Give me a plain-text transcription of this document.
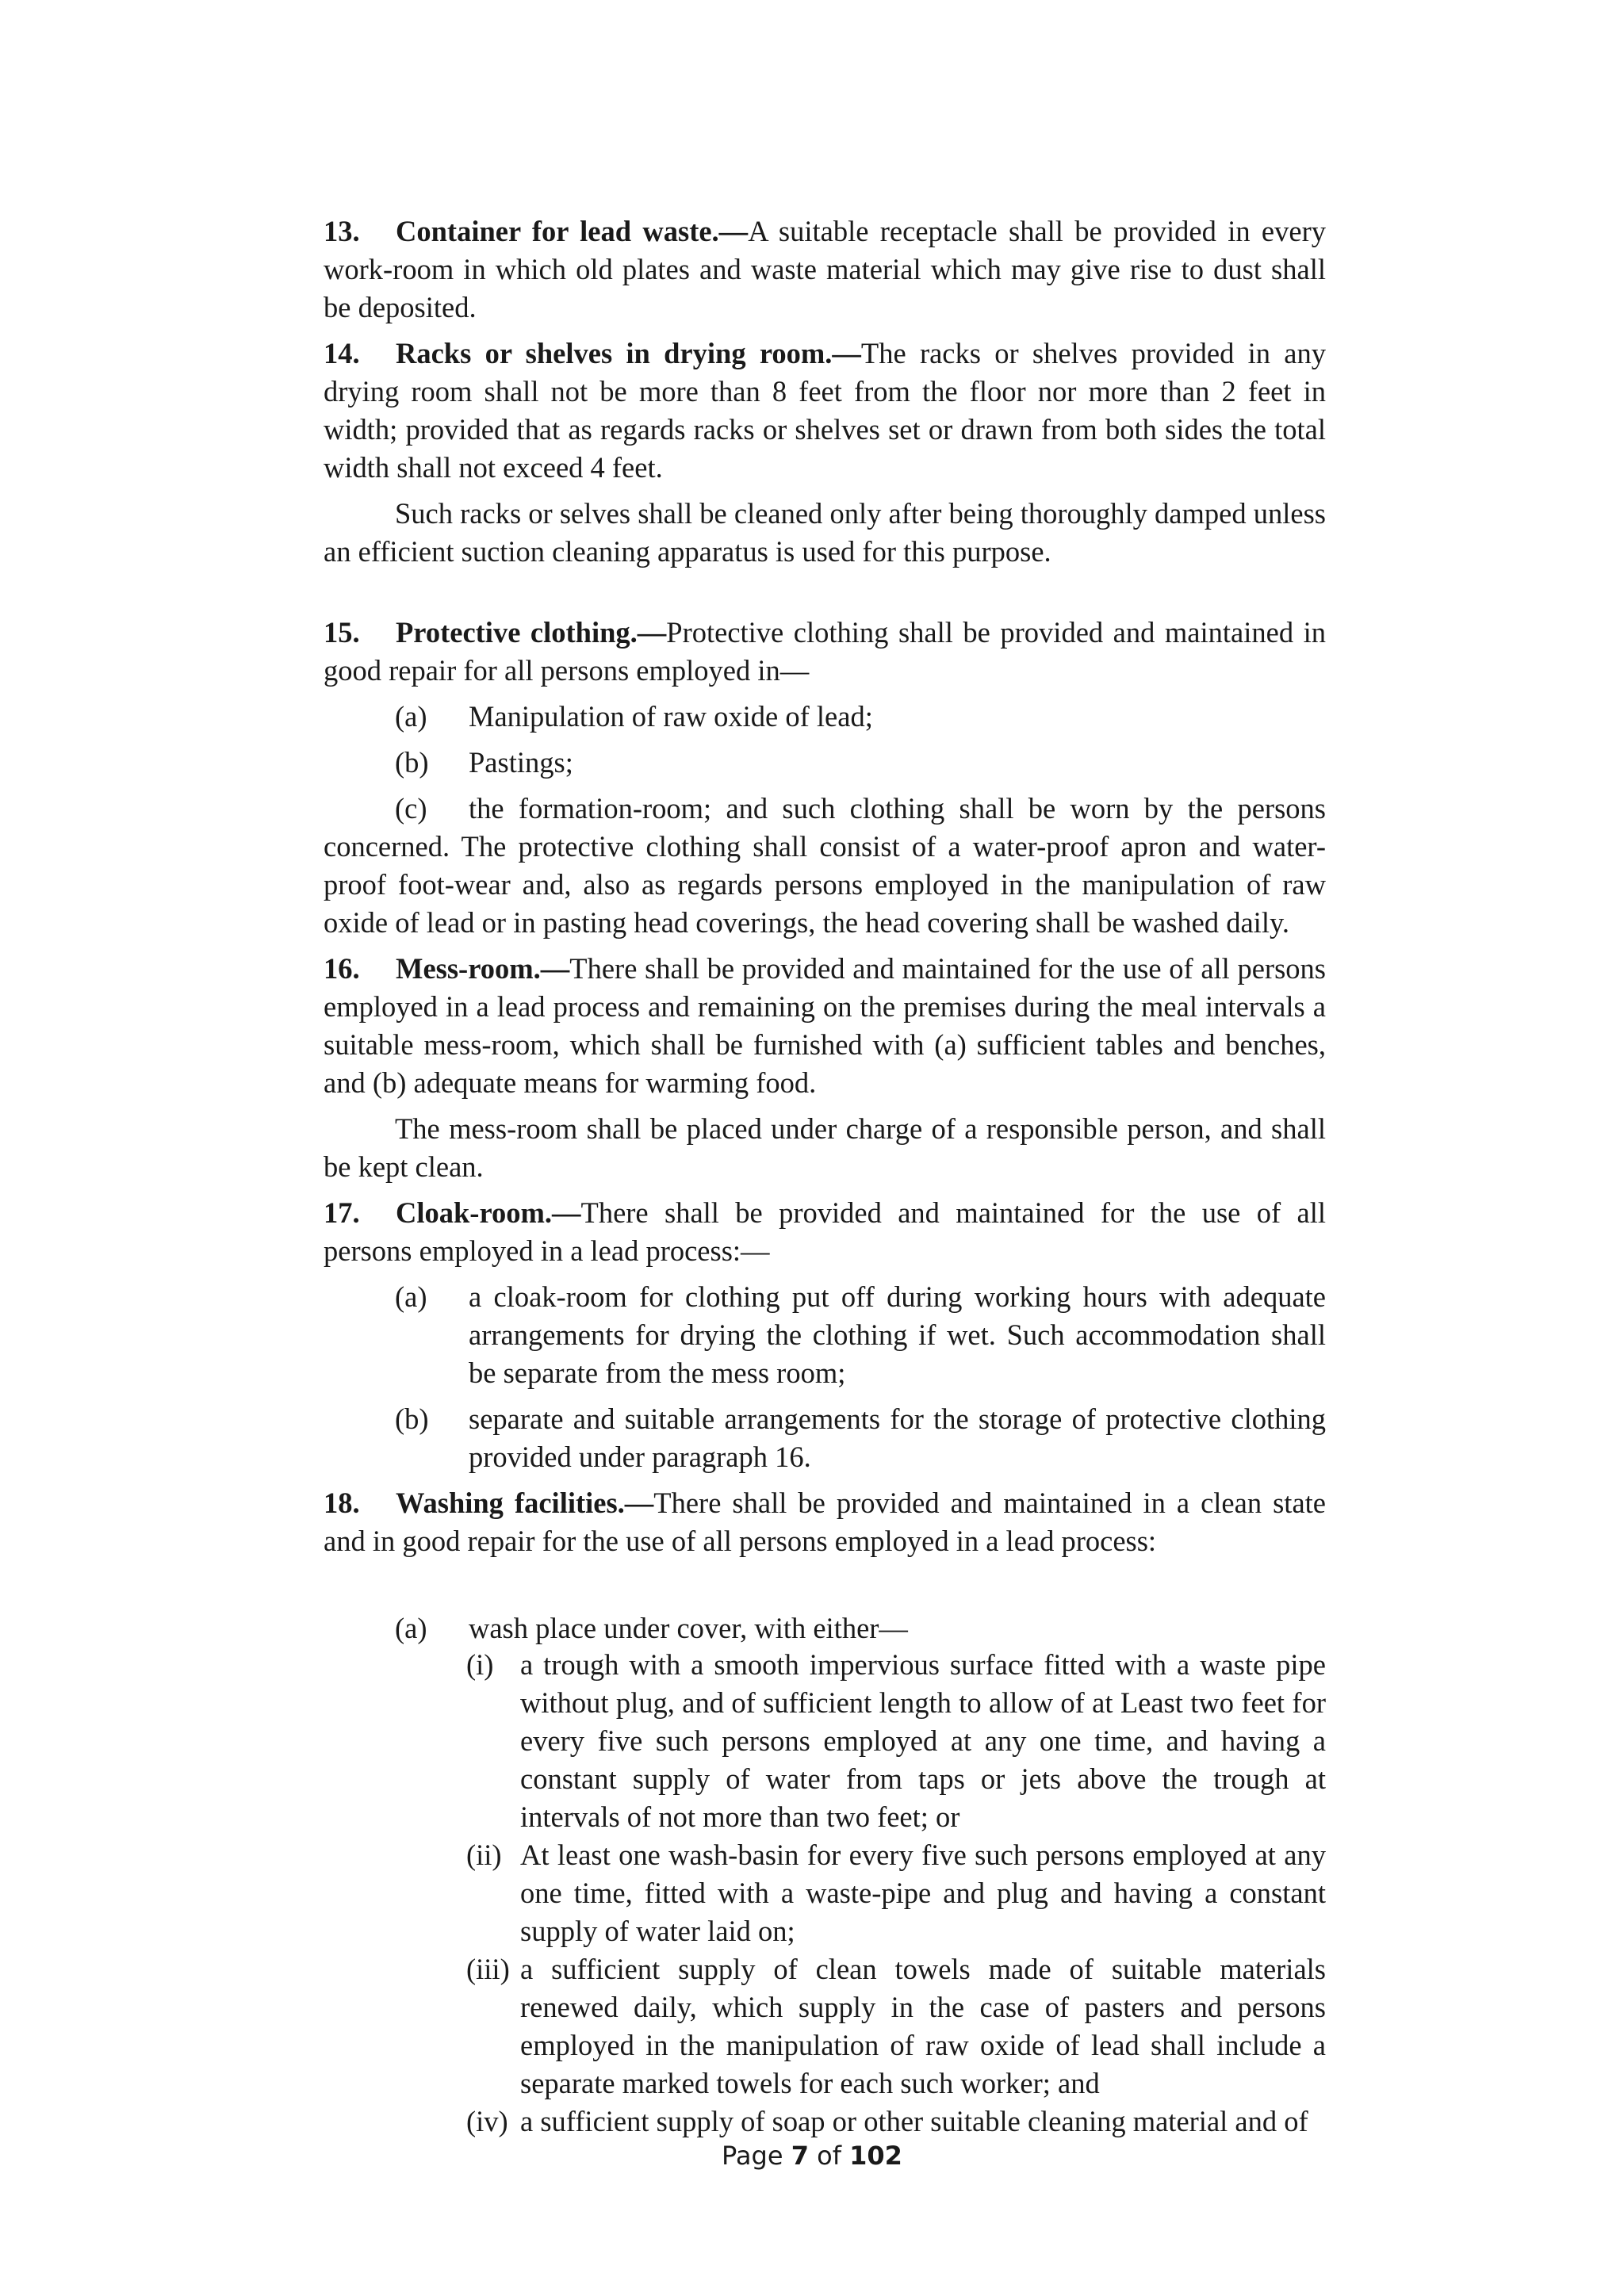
13. Container for lead waste.—A suitable receptacle shall be provided in every work-room in which old plates and waste material which may give rise to dust shall be deposited.

14. Racks or shelves in drying room.—The racks or shelves provided in any drying room shall not be more than 8 feet from the floor nor more than 2 feet in width; provided that as regards racks or shelves set or drawn from both sides the total width shall not exceed 4 feet.

Such racks or selves shall be cleaned only after being thoroughly damped unless an efficient suction cleaning apparatus is used for this purpose.

15. Protective clothing.—Protective clothing shall be provided and maintained in good repair for all persons employed in—

(a)	Manipulation of raw oxide of lead;
(b)	Pastings;

(c) the formation-room; and such clothing shall be worn by the persons concerned. The protective clothing shall consist of a water-proof apron and water-proof foot-wear and, also as regards persons employed in the manipulation of raw oxide of lead or in pasting head coverings, the head covering shall be washed daily.

16. Mess-room.—There shall be provided and maintained for the use of all persons employed in a lead process and remaining on the premises during the meal intervals a suitable mess-room, which shall be furnished with (a) sufficient tables and benches, and (b) adequate means for warming food.

The mess-room shall be placed under charge of a responsible person, and shall be kept clean.

17. Cloak-room.—There shall be provided and maintained for the use of all persons employed in a lead process:—

(a)	a cloak-room for clothing put off during working hours with adequate arrangements for drying the clothing if wet. Such accommodation shall be separate from the mess room;
(b)	separate and suitable arrangements for the storage of protective clothing provided under paragraph 16.

18. Washing facilities.—There shall be provided and maintained in a clean state and in good repair for the use of all persons employed in a lead process:

(a)	wash place under cover, with either—
(i) a trough with a smooth impervious surface fitted with a waste pipe without plug, and of sufficient length to allow of at Least two feet for every five such persons employed at any one time, and having a constant supply of water from taps or jets above the trough at intervals of not more than two feet; or
(ii) At least one wash-basin for every five such persons employed at any one time, fitted with a waste-pipe and plug and having a constant supply of water laid on;
(iii) a sufficient supply of clean towels made of suitable materials renewed daily, which supply in the case of pasters and persons employed in the manipulation of raw oxide of lead shall include a separate marked towels for each such worker; and
(iv) a sufficient supply of soap or other suitable cleaning material and of
Page 7 of 102
